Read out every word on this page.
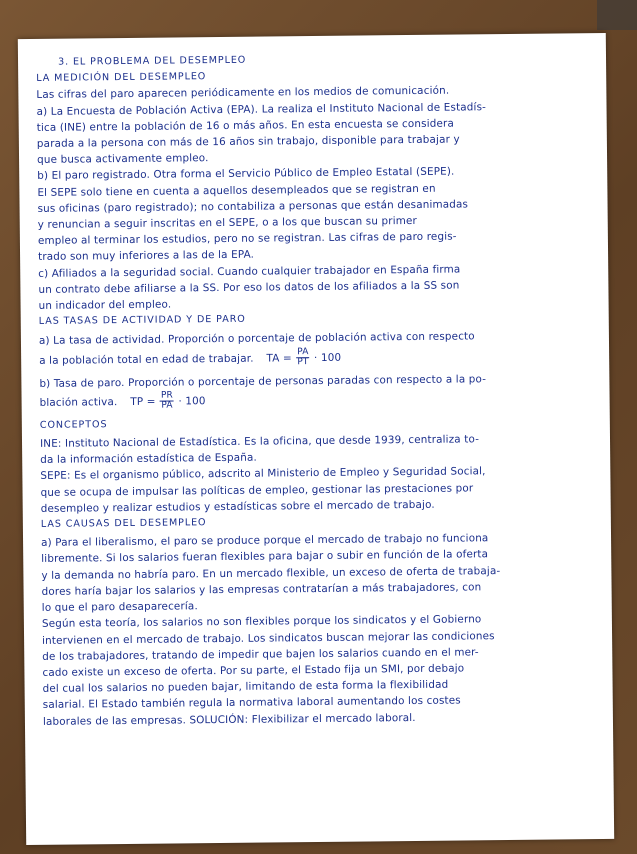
3. EL PROBLEMA DEL DESEMPLEO
LA MEDICIÓN DEL DESEMPLEO
Las cifras del paro aparecen periódicamente en los medios de comunicación.
a) La Encuesta de Población Activa (EPA). La realiza el Instituto Nacional de Estadís-
tica (INE) entre la población de 16 o más años. En esta encuesta se considera
parada a la persona con más de 16 años sin trabajo, disponible para trabajar y
que busca activamente empleo.
b) El paro registrado. Otra forma el Servicio Público de Empleo Estatal (SEPE).
El SEPE solo tiene en cuenta a aquellos desempleados que se registran en
sus oficinas (paro registrado); no contabiliza a personas que están desanimadas
y renuncian a seguir inscritas en el SEPE, o a los que buscan su primer
empleo al terminar los estudios, pero no se registran. Las cifras de paro regis-
trado son muy inferiores a las de la EPA.
c) Afiliados a la seguridad social. Cuando cualquier trabajador en España firma
un contrato debe afiliarse a la SS. Por eso los datos de los afiliados a la SS son
un indicador del empleo.
LAS TASAS DE ACTIVIDAD Y DE PARO
a) La tasa de actividad. Proporción o porcentaje de población activa con respecto
a la población total en edad de trabajar. TA = $\frac{PA}{PT} \cdot 100$
b) Tasa de paro. Proporción o porcentaje de personas paradas con respecto a la po-
blación activa. TP = $\frac{PR}{PA} \cdot 100$
CONCEPTOS
INE: Instituto Nacional de Estadística. Es la oficina, que desde 1939, centraliza to-
da la información estadística de España.
SEPE: Es el organismo público, adscrito al Ministerio de Empleo y Seguridad Social,
que se ocupa de impulsar las políticas de empleo, gestionar las prestaciones por
desempleo y realizar estudios y estadísticas sobre el mercado de trabajo.
LAS CAUSAS DEL DESEMPLEO
a) Para el liberalismo, el paro se produce porque el mercado de trabajo no funciona
libremente. Si los salarios fueran flexibles para bajar o subir en función de la oferta
y la demanda no habría paro. En un mercado flexible, un exceso de oferta de trabaja-
dores haría bajar los salarios y las empresas contratarían a más trabajadores, con
lo que el paro desaparecería.
Según esta teoría, los salarios no son flexibles porque los sindicatos y el Gobierno
intervienen en el mercado de trabajo. Los sindicatos buscan mejorar las condiciones
de los trabajadores, tratando de impedir que bajen los salarios cuando en el mer-
cado existe un exceso de oferta. Por su parte, el Estado fija un SMI, por debajo
del cual los salarios no pueden bajar, limitando de esta forma la flexibilidad
salarial. El Estado también regula la normativa laboral aumentando los costes
laborales de las empresas. SOLUCIÓN: Flexibilizar el mercado laboral.
